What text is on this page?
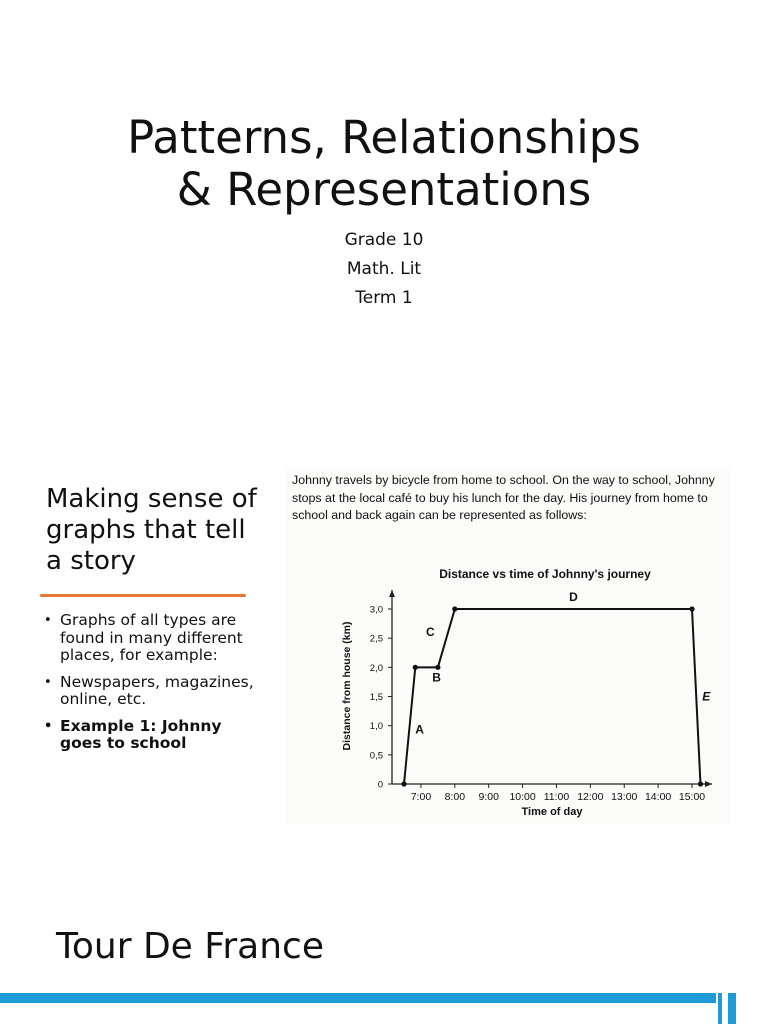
Patterns, Relationships
& Representations
Grade 10
Math. Lit
Term 1
Making sense of graphs that tell a story
• Graphs of all types are found in many different places, for example:
• Newspapers, magazines, online, etc.
• Example 1: Johnny goes to school
Johnny travels by bicycle from home to school. On the way to school, Johnny stops at the local café to buy his lunch for the day. His journey from home to school and back again can be represented as follows:
Distance vs time of Johnny's journey
Distance from house (km)
Time of day
7:00 8:00 9:00 10:00 11:00 12:00 13:00 14:00 15:00
0
0,5
1,0
1,5
2,0
2,5
3,0
A
B
C
D
E
Tour De France
